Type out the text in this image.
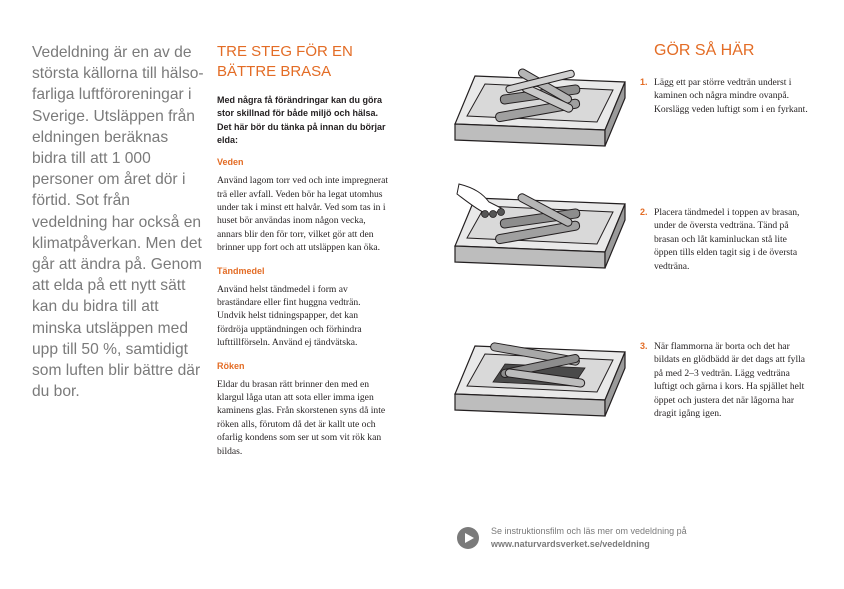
Vedeldning är en av de största källorna till hälsofarliga luftföroreningar i Sverige. Utsläppen från eldningen beräknas bidra till att 1 000 personer om året dör i förtid. Sot från vedeldning har också en klimatpåverkan. Men det går att ändra på. Genom att elda på ett nytt sätt kan du bidra till att minska utsläppen med upp till 50 %, samtidigt som luften blir bättre där du bor.
TRE STEG FÖR EN BÄTTRE BRASA

Med några få förändringar kan du göra stor skillnad för både miljö och hälsa. Det här bör du tänka på innan du börjar elda:

Veden

Använd lagom torr ved och inte impregnerat trä eller avfall. Veden bör ha legat utomhus under tak i minst ett halvår. Ved som tas in i huset bör användas inom någon vecka, annars blir den för torr, vilket gör att den brinner upp fort och att utsläppen kan öka.

Tändmedel

Använd helst tändmedel i form av braständare eller fint huggna vedträn. Undvik helst tidningspapper, det kan fördröja upptändningen och förhindra lufttillförseln. Använd ej tändvätska.

Röken

Eldar du brasan rätt brinner den med en klargul låga utan att sota eller imma igen kaminens glas. Från skorstenen syns då inte röken alls, förutom då det är kallt ute och ofarlig kondens som ser ut som vit rök kan bildas.

GÖR SÅ HÄR
1. Lägg ett par större vedträn underst i kaminen och några mindre ovanpå. Korslägg veden luftigt som i en fyrkant.
2. Placera tändmedel i toppen av brasan, under de översta vedträna. Tänd på brasan och låt kaminluckan stå lite öppen tills elden tagit sig i de översta vedträna.
3. När flammorna är borta och det har bildats en glödbädd är det dags att fylla på med 2–3 vedträn. Lägg vedträna luftigt och gärna i kors. Ha spjället helt öppet och justera det när lågorna har dragit igång igen.
Se instruktionsfilm och läs mer om vedeldning på
www.naturvardsverket.se/vedeldning
